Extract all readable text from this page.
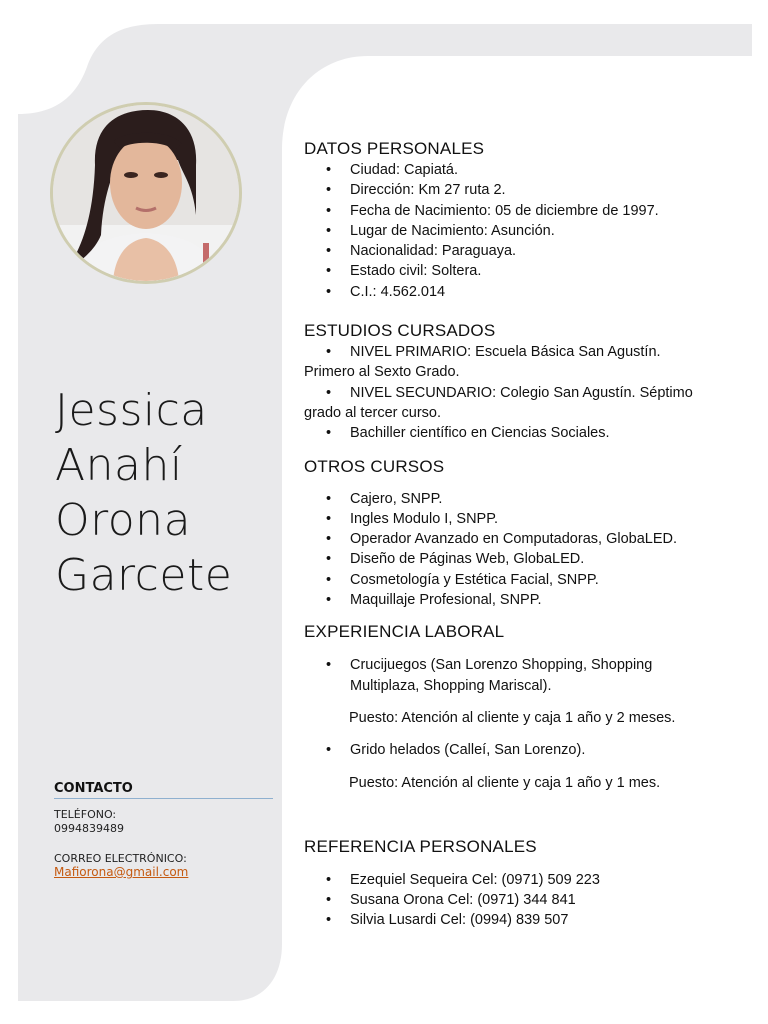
Jessica
Anahí
Orona
Garcete
CONTACTO
TELÉFONO:
0994839489
CORREO ELECTRÓNICO:
Mafiorona@gmail.com
DATOS PERSONALES
• Ciudad: Capiatá.
• Dirección: Km 27 ruta 2.
• Fecha de Nacimiento: 05 de diciembre de 1997.
• Lugar de Nacimiento: Asunción.
• Nacionalidad: Paraguaya.
• Estado civil: Soltera.
• C.I.: 4.562.014
ESTUDIOS CURSADOS
• NIVEL PRIMARIO: Escuela Básica San Agustín. Primero al Sexto Grado.
• NIVEL SECUNDARIO: Colegio San Agustín. Séptimo grado al tercer curso.
• Bachiller científico en Ciencias Sociales.
OTROS CURSOS
• Cajero, SNPP.
• Ingles Modulo I, SNPP.
• Operador Avanzado en Computadoras, GlobaLED.
• Diseño de Páginas Web, GlobaLED.
• Cosmetología y Estética Facial, SNPP.
• Maquillaje Profesional, SNPP.
EXPERIENCIA LABORAL
• Crucijuegos (San Lorenzo Shopping, Shopping Multiplaza, Shopping Mariscal).
Puesto: Atención al cliente y caja 1 año y 2 meses.
• Grido helados (Calleí, San Lorenzo).
Puesto: Atención al cliente y caja 1 año y 1 mes.
REFERENCIA PERSONALES
• Ezequiel Sequeira Cel: (0971) 509 223
• Susana Orona Cel: (0971) 344 841
• Silvia Lusardi Cel: (0994) 839 507
